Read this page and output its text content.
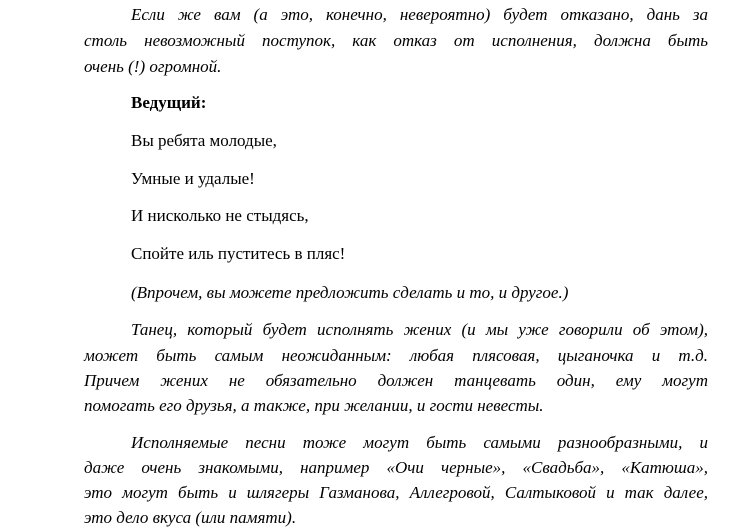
Если же вам (а это, конечно, невероятно) будет отказано, дань за
столь невозможный поступок, как отказ от исполнения, должна быть
очень (!) огромной.
Ведущий:
Вы ребята молодые,
Умные и удалые!
И нисколько не стыдясь,
Спойте иль пуститесь в пляс!
(Впрочем, вы можете предложить сделать и то, и другое.)
Танец, который будет исполнять жених (и мы уже говорили об этом),
может быть самым неожиданным: любая плясовая, цыганочка и т.д.
Причем жених не обязательно должен танцевать один, ему могут
помогать его друзья, а также, при желании, и гости невесты.
Исполняемые песни тоже могут быть самыми разнообразными, и
даже очень знакомыми, например «Очи черные», «Свадьба», «Катюша»,
это могут быть и шлягеры Газманова, Аллегровой, Салтыковой и так далее,
это дело вкуса (или памяти).
